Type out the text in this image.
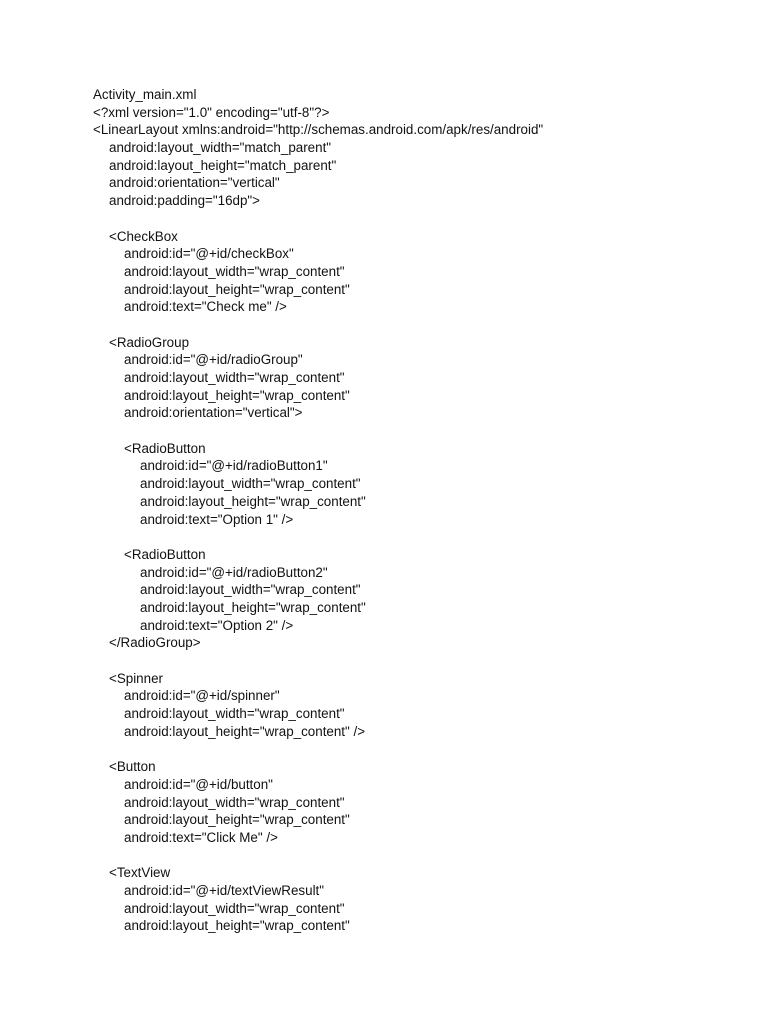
Activity_main.xml
<?xml version="1.0" encoding="utf-8"?>
<LinearLayout xmlns:android="http://schemas.android.com/apk/res/android"
android:layout_width="match_parent"
android:layout_height="match_parent"
android:orientation="vertical"
android:padding="16dp">
<CheckBox
android:id="@+id/checkBox"
android:layout_width="wrap_content"
android:layout_height="wrap_content"
android:text="Check me" />
<RadioGroup
android:id="@+id/radioGroup"
android:layout_width="wrap_content"
android:layout_height="wrap_content"
android:orientation="vertical">
<RadioButton
android:id="@+id/radioButton1"
android:layout_width="wrap_content"
android:layout_height="wrap_content"
android:text="Option 1" />
<RadioButton
android:id="@+id/radioButton2"
android:layout_width="wrap_content"
android:layout_height="wrap_content"
android:text="Option 2" />
</RadioGroup>
<Spinner
android:id="@+id/spinner"
android:layout_width="wrap_content"
android:layout_height="wrap_content" />
<Button
android:id="@+id/button"
android:layout_width="wrap_content"
android:layout_height="wrap_content"
android:text="Click Me" />
<TextView
android:id="@+id/textViewResult"
android:layout_width="wrap_content"
android:layout_height="wrap_content"
